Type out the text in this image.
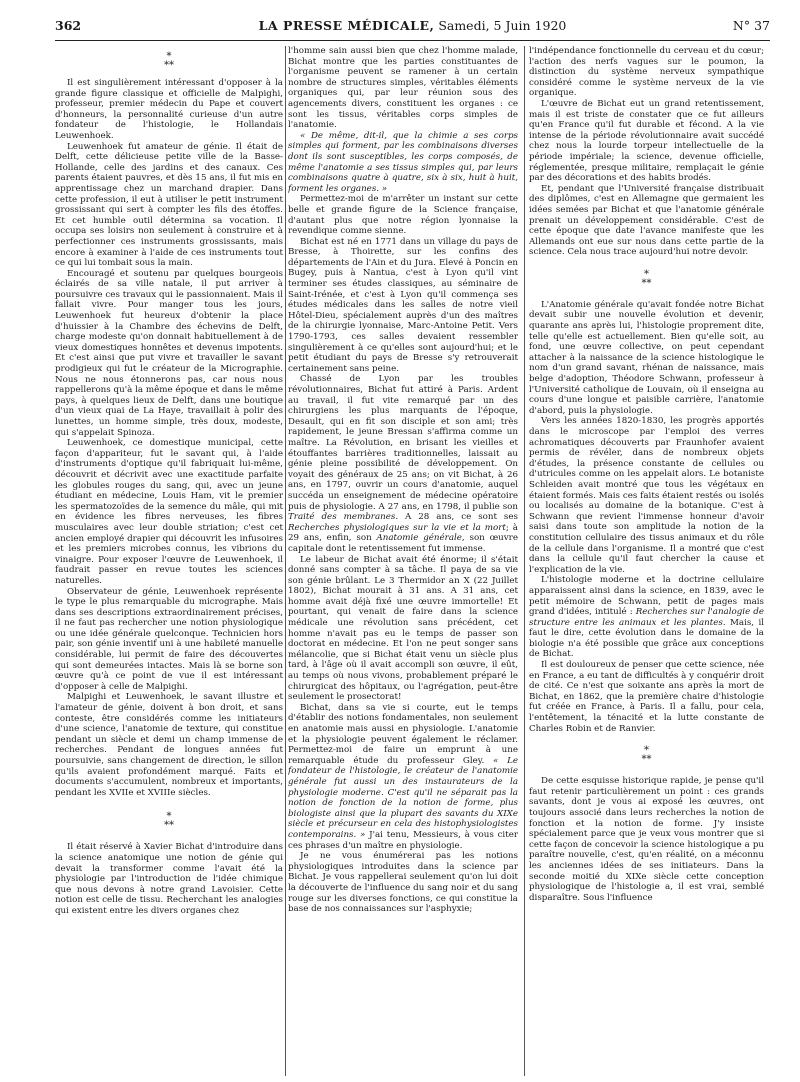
362	LA PRESSE MÉDICALE, Samedi, 5 Juin 1920	N° 37
*
**

Il est singulièrement intéressant d'opposer à la grande figure classique et officielle de Malpighi, professeur, premier médecin du Pape et couvert d'honneurs, la personnalité curieuse d'un autre fondateur de l'histologie, le Hollandais Leuwenhoek.

Leuwenhoek fut amateur de génie. Il était de Delft, cette délicieuse petite ville de la Basse-Hollande, celle des jardins et des canaux. Ces parents étaient pauvres, et dès 15 ans, il fut mis en apprentissage chez un marchand drapier. Dans cette profession, il eut à utiliser le petit instrument grossissant qui sert à compter les fils des étoffes. Et cet humble outil détermina sa vocation. Il occupa ses loisirs non seulement à construire et à perfectionner ces instruments grossissants, mais encore à examiner à l'aide de ces instruments tout ce qui lui tombait sous la main.

Encouragé et soutenu par quelques bourgeois éclairés de sa ville natale, il put arriver à poursuivre ces travaux qui le passionnaient. Mais il fallait vivre. Pour manger tous les jours, Leuwenhoek fut heureux d'obtenir la place d'huissier à la Chambre des échevins de Delft, charge modeste qu'on donnait habituellement à de vieux domestiques honnêtes et devenus impotents. Et c'est ainsi que put vivre et travailler le savant prodigieux qui fut le créateur de la Micrographie. Nous ne nous étonnerons pas, car nous nous rappellerons qu'à la même époque et dans le même pays, à quelques lieux de Delft, dans une boutique d'un vieux quai de La Haye, travaillait à polir des lunettes, un homme simple, très doux, modeste, qui s'appelait Spinoza.

Leuwenhoek, ce domestique municipal, cette façon d'appariteur, fut le savant qui, à l'aide d'instruments d'optique qu'il fabriquait lui-même, découvrit et décrivit avec une exactitude parfaite les globules rouges du sang, qui, avec un jeune étudiant en médecine, Louis Ham, vit le premier les spermatozoïdes de la semence du mâle, qui mit en évidence les fibres nerveuses, les fibres musculaires avec leur double striation; c'est cet ancien employé drapier qui découvrit les infusoires et les premiers microbes connus, les vibrions du vinaigre. Pour exposer l'œuvre de Leuwenhoek, il faudrait passer en revue toutes les sciences naturelles.

Observateur de génie, Leuwenhoek représente le type le plus remarquable du micrographe. Mais dans ses descriptions extraordinairement précises, il ne faut pas rechercher une notion physiologique ou une idée générale quelconque. Technicien hors pair, son génie inventif uni à une habileté manuelle considérable, lui permit de faire des découvertes qui sont demeurées intactes. Mais là se borne son œuvre qu'à ce point de vue il est intéressant d'opposer à celle de Malpighi.

Malpighi et Leuwenhoek, le savant illustre et l'amateur de génie, doivent à bon droit, et sans conteste, être considérés comme les initiateurs d'une science, l'anatomie de texture, qui constitue pendant un siècle et demi un champ immense de recherches. Pendant de longues années fut poursuivie, sans changement de direction, le sillon qu'ils avaient profondément marqué. Faits et documents s'accumulent, nombreux et importants, pendant les XVIIe et XVIIIe siècles.

*
**

Il était réservé à Xavier Bichat d'introduire dans la science anatomique une notion de génie qui devait la transformer comme l'avait été la physiologie par l'introduction de l'idée chimique que nous devons à notre grand Lavoisier. Cette notion est celle de tissu. Recherchant les analogies qui existent entre les divers organes chez

l'homme sain aussi bien que chez l'homme malade, Bichat montre que les parties constituantes de l'organisme peuvent se ramener à un certain nombre de structures simples, véritables éléments organiques qui, par leur réunion sous des agencements divers, constituent les organes : ce sont les tissus, véritables corps simples de l'anatomie.

« De même, dit-il, que la chimie a ses corps simples qui forment, par les combinaisons diverses dont ils sont susceptibles, les corps composés, de même l'anatomie a ses tissus simples qui, par leurs combinaisons quatre à quatre, six à six, huit à huit, forment les organes. »

Permettez-moi de m'arrêter un instant sur cette belle et grande figure de la Science française, d'autant plus que notre région lyonnaise la revendique comme sienne.

Bichat est né en 1771 dans un village du pays de Bresse, à Thoirette, sur les confins des départements de l'Ain et du Jura. Elevé à Poncin en Bugey, puis à Nantua, c'est à Lyon qu'il vint terminer ses études classiques, au séminaire de Saint-Irénée, et c'est à Lyon qu'il commença ses études médicales dans les salles de notre vieil Hôtel-Dieu, spécialement auprès d'un des maîtres de la chirurgie lyonnaise, Marc-Antoine Petit. Vers 1790-1793, ces salles devaient ressembler singulièrement à ce qu'elles sont aujourd'hui; et le petit étudiant du pays de Bresse s'y retrouverait certainement sans peine.

Chassé de Lyon par les troubles révolutionnaires, Bichat fut attiré à Paris. Ardent au travail, il fut vite remarqué par un des chirurgiens les plus marquants de l'époque, Desault, qui en fit son disciple et son ami; très rapidement, le jeune Bressan s'affirma comme un maître. La Révolution, en brisant les vieilles et étouffantes barrières traditionnelles, laissait au génie pleine possibilité de développement. On voyait des généraux de 25 ans; on vit Bichat, à 26 ans, en 1797, ouvrir un cours d'anatomie, auquel succéda un enseignement de médecine opératoire puis de physiologie. A 27 ans, en 1798, il publie son Traité des membranes. A 28 ans, ce sont ses Recherches physiologiques sur la vie et la mort; à 29 ans, enfin, son Anatomie générale, son œuvre capitale dont le retentissement fut immense.

Le labeur de Bichat avait été énorme; il s'était donné sans compter à sa tâche. Il paya de sa vie son génie brûlant. Le 3 Thermidor an X (22 Juillet 1802), Bichat mourait à 31 ans. A 31 ans, cet homme avait déjà fixé une œuvre immortelle! Et pourtant, qui venait de faire dans la science médicale une révolution sans précédent, cet homme n'avait pas eu le temps de passer son doctorat en médecine. Et l'on ne peut songer sans mélancolie, que si Bichat était venu un siècle plus tard, à l'âge où il avait accompli son œuvre, il eût, au temps où nous vivons, probablement préparé le chirurgicat des hôpitaux, ou l'agrégation, peut-être seulement le prosectorat!

Bichat, dans sa vie si courte, eut le temps d'établir des notions fondamentales, non seulement en anatomie mais aussi en physiologie. L'anatomie et la physiologie peuvent également le réclamer. Permettez-moi de faire un emprunt à une remarquable étude du professeur Gley. « Le fondateur de l'histologie, le créateur de l'anatomie générale fut aussi un des instaurateurs de la physiologie moderne. C'est qu'il ne séparait pas la notion de fonction de la notion de forme, plus biologiste ainsi que la plupart des savants du XIXe siècle et précurseur en cela des histophysiologistes contemporains. » J'ai tenu, Messieurs, à vous citer ces phrases d'un maître en physiologie.

Je ne vous énumérerai pas les notions physiologiques introduites dans la science par Bichat. Je vous rappellerai seulement qu'on lui doit la découverte de l'influence du sang noir et du sang rouge sur les diverses fonctions, ce qui constitue la base de nos connaissances sur l'asphyxie;

l'indépendance fonctionnelle du cerveau et du cœur; l'action des nerfs vagues sur le poumon, la distinction du système nerveux sympathique considéré comme le système nerveux de la vie organique.

L'œuvre de Bichat eut un grand retentissement, mais il est triste de constater que ce fut ailleurs qu'en France qu'il fut durable et fécond. A la vie intense de la période révolutionnaire avait succédé chez nous la lourde torpeur intellectuelle de la période impériale; la science, devenue officielle, réglementée, presque militaire, remplaçait le génie par des décorations et des habits brodés.

Et, pendant que l'Université française distribuait des diplômes, c'est en Allemagne que germaient les idées semées par Bichat et que l'anatomie générale prenait un développement considérable. C'est de cette époque que date l'avance manifeste que les Allemands ont eue sur nous dans cette partie de la science. Cela nous trace aujourd'hui notre devoir.

*
**

L'Anatomie générale qu'avait fondée notre Bichat devait subir une nouvelle évolution et devenir, quarante ans après lui, l'histologie proprement dite, telle qu'elle est actuellement. Bien qu'elle soit, au fond, une œuvre collective, on peut cependant attacher à la naissance de la science histologique le nom d'un grand savant, rhénan de naissance, mais belge d'adoption, Théodore Schwann, professeur à l'Université catholique de Louvain, où il enseigna au cours d'une longue et paisible carrière, l'anatomie d'abord, puis la physiologie.

Vers les années 1820-1830, les progrès apportés dans le microscope par l'emploi des verres achromatiques découverts par Fraunhofer avaient permis de révéler, dans de nombreux objets d'études, la présence constante de cellules ou d'utricules comme on les appelait alors. Le botaniste Schleiden avait montré que tous les végétaux en étaient formés. Mais ces faits étaient restés ou isolés ou localisés au domaine de la botanique. C'est à Schwann que revient l'immense honneur d'avoir saisi dans toute son amplitude la notion de la constitution cellulaire des tissus animaux et du rôle de la cellule dans l'organisme. Il a montré que c'est dans la cellule qu'il faut chercher la cause et l'explication de la vie.

L'histologie moderne et la doctrine cellulaire apparaissent ainsi dans la science, en 1839, avec le petit mémoire de Schwann, petit de pages mais grand d'idées, intitulé : Recherches sur l'analogie de structure entre les animaux et les plantes. Mais, il faut le dire, cette évolution dans le domaine de la biologie n'a été possible que grâce aux conceptions de Bichat.

Il est douloureux de penser que cette science, née en France, a eu tant de difficultés à y conquérir droit de cité. Ce n'est que soixante ans après la mort de Bichat, en 1862, que la première chaire d'histologie fut créée en France, à Paris. Il a fallu, pour cela, l'entêtement, la ténacité et la lutte constante de Charles Robin et de Ranvier.

*
**

De cette esquisse historique rapide, je pense qu'il faut retenir particulièrement un point : ces grands savants, dont je vous ai exposé les œuvres, ont toujours associé dans leurs recherches la notion de fonction et la notion de forme. J'y insiste spécialement parce que je veux vous montrer que si cette façon de concevoir la science histologique a pu paraître nouvelle, c'est, qu'en réalité, on a méconnu les anciennes idées de ses initiateurs. Dans la seconde moitié du XIXe siècle cette conception physiologique de l'histologie a, il est vrai, semblé disparaître. Sous l'influence
